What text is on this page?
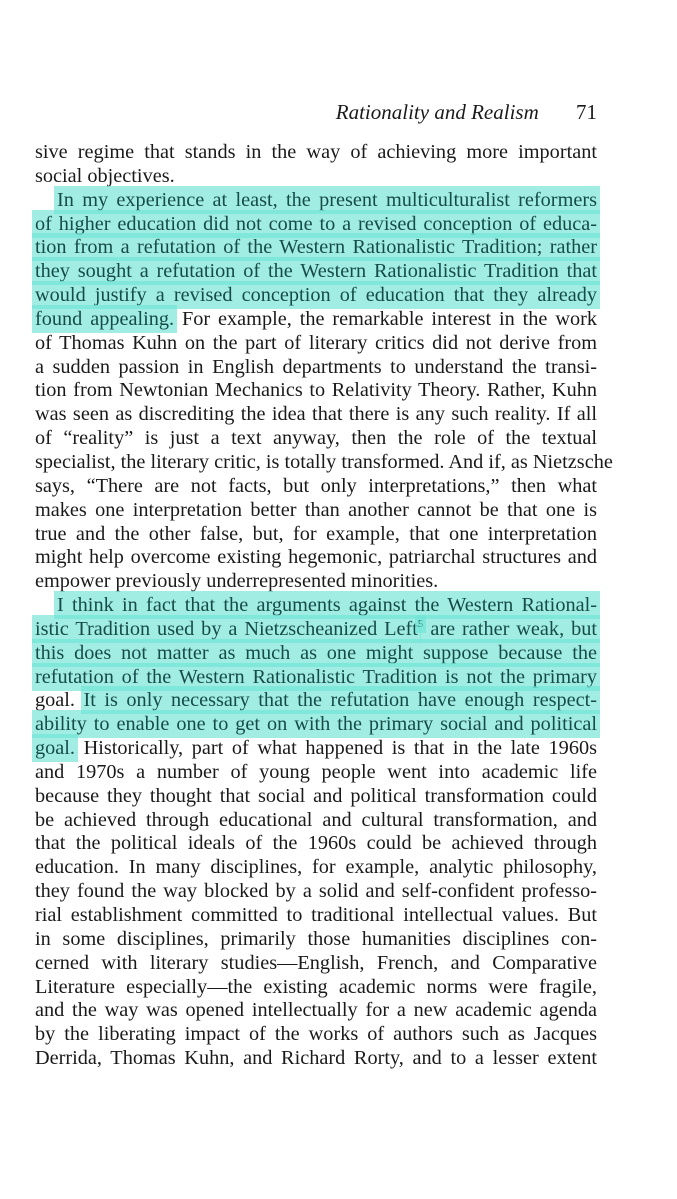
Rationality and Realism 71
sive regime that stands in the way of achieving more important
social objectives.
In my experience at least, the present multiculturalist reformers
of higher education did not come to a revised conception of educa-
tion from a refutation of the Western Rationalistic Tradition; rather
they sought a refutation of the Western Rationalistic Tradition that
would justify a revised conception of education that they already
found appealing. For example, the remarkable interest in the work
of Thomas Kuhn on the part of literary critics did not derive from
a sudden passion in English departments to understand the transi-
tion from Newtonian Mechanics to Relativity Theory. Rather, Kuhn
was seen as discrediting the idea that there is any such reality. If all
of “reality” is just a text anyway, then the role of the textual
specialist, the literary critic, is totally transformed. And if, as Nietzsche
says, “There are not facts, but only interpretations,” then what
makes one interpretation better than another cannot be that one is
true and the other false, but, for example, that one interpretation
might help overcome existing hegemonic, patriarchal structures and
empower previously underrepresented minorities.
I think in fact that the arguments against the Western Rational-
istic Tradition used by a Nietzscheanized Left$^5$ are rather weak, but
this does not matter as much as one might suppose because the
refutation of the Western Rationalistic Tradition is not the primary
goal. It is only necessary that the refutation have enough respect-
ability to enable one to get on with the primary social and political
goal. Historically, part of what happened is that in the late 1960s
and 1970s a number of young people went into academic life
because they thought that social and political transformation could
be achieved through educational and cultural transformation, and
that the political ideals of the 1960s could be achieved through
education. In many disciplines, for example, analytic philosophy,
they found the way blocked by a solid and self-confident professo-
rial establishment committed to traditional intellectual values. But
in some disciplines, primarily those humanities disciplines con-
cerned with literary studies—English, French, and Comparative
Literature especially—the existing academic norms were fragile,
and the way was opened intellectually for a new academic agenda
by the liberating impact of the works of authors such as Jacques
Derrida, Thomas Kuhn, and Richard Rorty, and to a lesser extent
